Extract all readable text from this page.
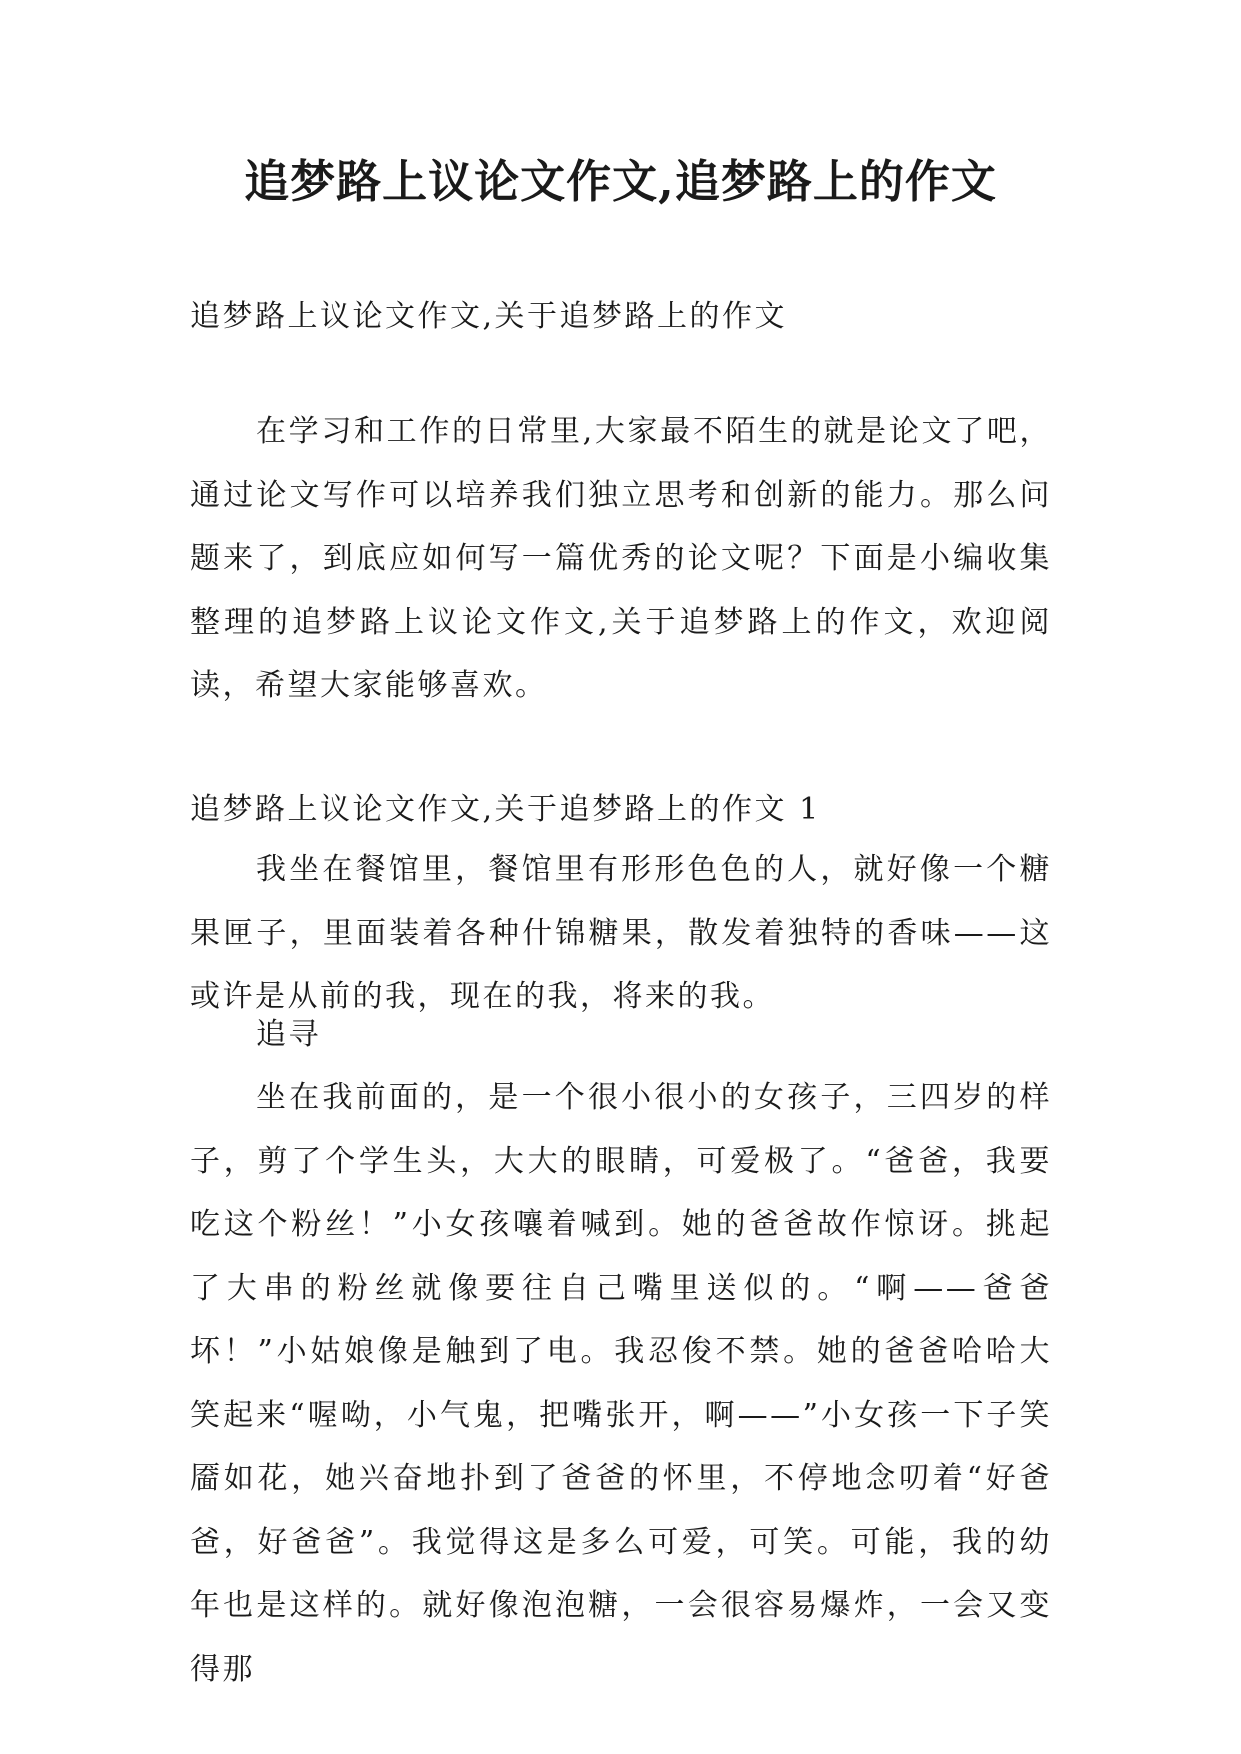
追梦路上议论文作文,追梦路上的作文

追梦路上议论文作文,关于追梦路上的作文

在学习和工作的日常里,大家最不陌生的就是论文了吧，通过论文写作可以培养我们独立思考和创新的能力。那么问题来了，到底应如何写一篇优秀的论文呢？下面是小编收集整理的追梦路上议论文作文,关于追梦路上的作文，欢迎阅读，希望大家能够喜欢。

追梦路上议论文作文,关于追梦路上的作文 1

我坐在餐馆里，餐馆里有形形色色的人，就好像一个糖果匣子，里面装着各种什锦糖果，散发着独特的香味——这或许是从前的我，现在的我，将来的我。

追寻

坐在我前面的，是一个很小很小的女孩子，三四岁的样子，剪了个学生头，大大的眼睛，可爱极了。“爸爸，我要吃这个粉丝！”小女孩嚷着喊到。她的爸爸故作惊讶。挑起了大串的粉丝就像要往自己嘴里送似的。“啊——爸爸坏！”小姑娘像是触到了电。我忍俊不禁。她的爸爸哈哈大笑起来“喔呦，小气鬼，把嘴张开，啊——”小女孩一下子笑靥如花，她兴奋地扑到了爸爸的怀里，不停地念叨着“好爸爸，好爸爸”。我觉得这是多么可爱，可笑。可能，我的幼年也是这样的。就好像泡泡糖，一会很容易爆炸，一会又变得那
